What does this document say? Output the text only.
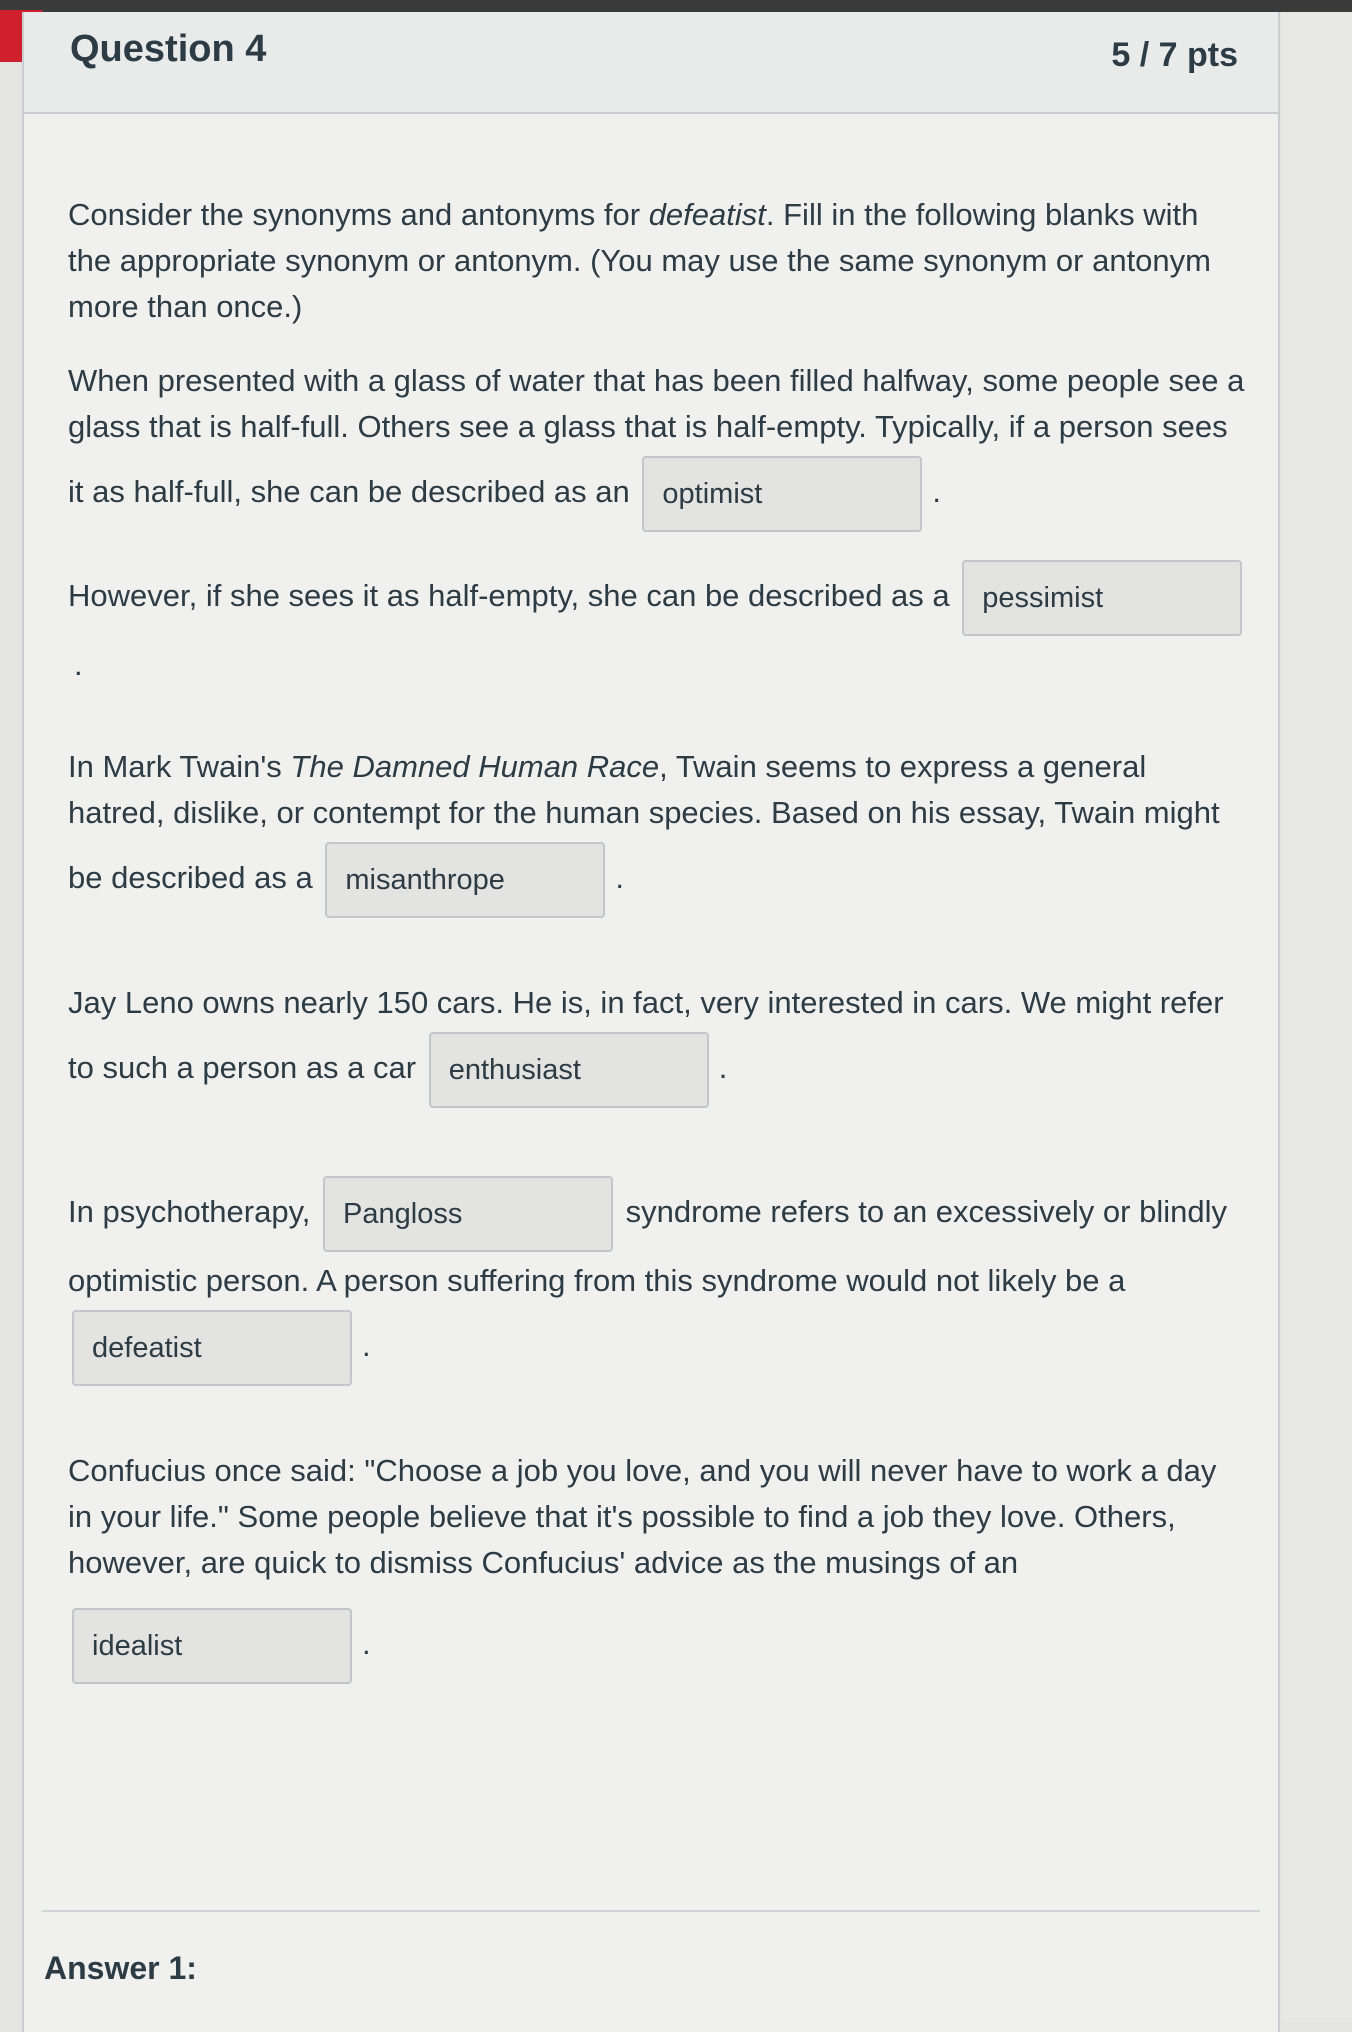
Question 4	5 / 7 pts

Consider the synonyms and antonyms for defeatist. Fill in the following blanks with the appropriate synonym or antonym. (You may use the same synonym or antonym more than once.)

When presented with a glass of water that has been filled halfway, some people see a glass that is half-full. Others see a glass that is half-empty. Typically, if a person sees it as half-full, she can be described as an optimist	.
However, if she sees it as half-empty, she can be described as a pessimist.

In Mark Twain's The Damned Human Race, Twain seems to express a general hatred, dislike, or contempt for the human species. Based on his essay, Twain might be described as a misanthrope	.

Jay Leno owns nearly 150 cars. He is, in fact, very interested in cars. We might refer to such a person as a car enthusiast	.

In psychotherapy, Pangloss	syndrome refers to an excessively or blindly optimistic person. A person suffering from this syndrome would not likely be a defeatist	.

Confucius once said: "Choose a job you love, and you will never have to work a day in your life." Some people believe that it's possible to find a job they love. Others, however, are quick to dismiss Confucius' advice as the musings of an
idealist	.

Answer 1:
